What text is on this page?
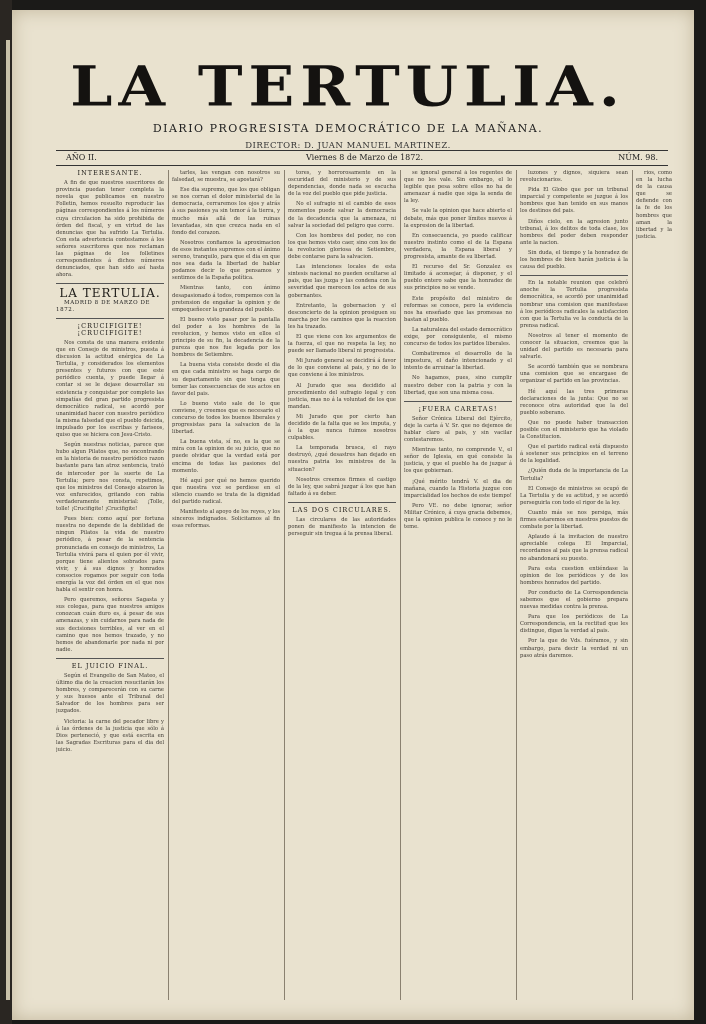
LA TERTULIA.
DIARIO PROGRESISTA DEMOCRÁTICO DE LA MAÑANA.
DIRECTOR: D. JUAN MANUEL MARTINEZ.
AÑO II.	Viernes 8 de Marzo de 1872.	NÚM. 98.

INTERESANTE.

A fin de que nuestros suscritores de provincia puedan tener completa la novela que publicamos en nuestro Folletin, hemos resuelto reproducir las páginas correspondientes á los números cuya circulacion ha sido prohibida de órden del fiscal, y en virtud de las denuncias que ha sufrido La Tertulia. Con esta advertencia contestamos á los señores suscritores que nos reclaman las páginas de los folletines correspondientes á dichos números denunciados, que han sido así hasta ahora.

LA TERTULIA.

MADRID 8 DE MARZO DE 1872.

¡CRUCIFIGITE! ¡CRUCIFIGITE!

Nos consta de una manera evidente que en Consejo de ministros, puesta á discusion la actitud enérgica de La Tertulia, y considerados los elementos presentes y futuros con que este periódico cuenta, y puede llegar á contar si se le dejase desarrollar su existencia y conquistar por completo las simpatías del gran partido progresista democrático radical, se acordó por unanimidad hacer con nuestro periódico la misma falsedad que el pueblo deicida, impulsado por los escribas y fariseos, quiso que se hiciera con Jesu-Cristo.

Según nuestras noticias, parece que hubo algun Pilatos que, no encontrando en la historia de nuestro periódico razon bastante para tan atroz sentencia, trató de interceder por la suerte de La Tertulia; pero nos consta, repetimos, que los ministros del Consejo alzaron la voz enfurecidos, gritando con rabia verdaderamente ministerial: ¡Tolle, tolle! ¡Crucifigite! ¡Crucifigite!

Pues bien: como aquí por fortuna nuestra no depende de la debilidad de ningun Pilatos la vida de nuestro periódico, á pesar de la sentencia pronunciada en consejo de ministros, La Tertulia vivirá para el quien por él vivir, porque tiene alientos sobrados para vivir, y á sus dignos y honrados consocios rogamos por seguir con toda energía la voz del órden en el que nos habla el sentir con honra.

Pero queremos, señores Sagasta y sus colegas, para que nuestros amigos conozcan cuán duro es, á pesar de sus amenazas, y sin cuidarnos para nada de sus decisiones terribles, al ver en el camino que nos hemos trazado, y no hemos de abandonarle por nada ni por nadie.

EL JUICIO FINAL.

Según el Evangelio de San Mateo, el último dia de la creacion resucitarán los hombres, y comparecerán con su carne y sus huesos ante el Tribunal del Salvador de los hombres para ser juzgados.

Victoria: la carne del pecador libre y á las órdenes de la justicia que sólo á Dios perteneció, y que está escrita en las Sagradas Escrituras para el dia del juicio.

tarles, las vengan con nosotros su falsedad, se muestra, se apostará?

Ese dia supremo, que los que obligan se nos corran el dolor ministerial de la democracia, cerraremos los ojos y atrás á sus pasiones ya sin temor á la tierra, y mucho más allá de las ruinas levantadas, sin que crezca nada en el fondo del corazon.

Nosotros confiamos la aproximacion de esos instantes supremos con el ánimo sereno, tranquilo, para que el dia en que nos sea dada la libertad de hablar podamos decir lo que pensamos y sentimos de la España política.

Mientras tanto, con ánimo desapasionado á todos, rompemos con la pretension de engañar la opinion y de empequeñecer la grandeza del pueblo.

El bueno visto pasar por la pantalla del poder a los hombres de la revolucion, y hemos visto en ellos el principio de su fin, la decadencia de la pureza que nos fue legada por los hombres de Setiembre.

La buena vista consiste desde el dia en que cada ministro se haga cargo de su departamento sin que tenga que temer las consecuencias de sus actos en favor del pais.

Lo bueno visto sale de lo que conviene, y creemos que es necesario el concurso de todos los buenos liberales y progresistas para la salvacion de la libertad.

La buena vista, sí no, es la que se mira con la opinion de su juicio, que no puede olvidar que la verdad está por encima de todas las pasiones del momento.

Hé aquí por qué no hemos querido que nuestra voz se perdiese en el silencio cuando se trata de la dignidad del partido radical.

Manifiesto al apoyo de los reyes, y los sinceros indignados. Solicitamos al fin esas reformas.

tores, y horrorosamente en la oscuridad del ministerio y de sus dependencias, donde nada se escucha de la voz del pueblo que pide justicia.

No el sufragio ni el cambio de esos momentos puede salvar la democracia de la decadencia que la amenaza, ni salvar la sociedad del peligro que corre.

Con los hombres del poder, no con los que hemos visto caer, sino con los de la revolucion gloriosa de Setiembre, debe contarse para la salvacion.

Las intenciones locales de esta sintesis nacional no pueden ocultarse al pais, que las juzga y las condena con la severidad que merecen los actos de sus gobernantes.

Entretanto, la gobernacion y el desconcierto de la opinion prosiguen su marcha por los caminos que la reaccion les ha trazado.

El que viene con los argumentos de la fuerza, el que no respeta la ley, no puede ser llamado liberal ni progresista.

Mi Jurado general se decidirá á favor de lo que conviene al pais, y no de lo que conviene á los ministros.

Al Jurado que sea decidido al procedimiento del sufragio legal y con justicia, mas no á la voluntad de los que mandan.

Mi Jurado que por cierto han decidido de la falta que se les imputa, y á la que nunca fuimos nosotros culpables.

La temporada brusca, el rayo destruyó, ¿qué desastres han dejado en nuestra patria los ministros de la situacion?

Nosotros creemos firmes el castigo de la ley, que sabrá juzgar á los que han faltado á su deber.

LAS DOS CIRCULARES.

Las circulares de las autoridades ponen de manifiesto la intencion de perseguir sin tregua á la prensa liberal.

se ignoral general á los regentes de que no les vale. Sin embargo, el lo legible que pesa sobre ellos no ha de amenazar á nadie que siga la senda de la ley.

Se vale la opinion que hace abierto el debate, más que poner límites nuevos á la expresion de la libertad.

En consecuencia, yo puedo calificar nuestro instinto como el de la Espana verdadera, la Espana liberal y progresista, amante de su libertad.

El recurso del Sr. Gonzalez es limitado á aconsejar, á disponer, y el pueblo entero sabe que la honradez de sus principios no se vende.

Este propósito del ministro de reformas se conoce, pero la evidencia nos ha enseñado que las promesas no bastan al pueblo.

La naturaleza del estado democrático exige, por consiguiente, el mismo concurso de todos los partidos liberales.

Combatiremos el desarrollo de la impostura, el daño intencionado y el intento de arruinar la libertad.

No hagamos, pues, sino cumplir nuestro deber con la patria y con la libertad, que son una misma cosa.

¡FUERA CARETAS!

Señor Crónica Liberal del Ejército, deje la carta á V. Sr. que no dejemos de hablar claro al pais, y sin vacilar contestaremos.

Mientras tanto, no comprende V., el señor de Iglesia, en qué consiste la justicia, y que el pueblo ha de juzgar á los que gobiernan.

¡Qué mérito tendrá V. el dia de mañana, cuando la Historia juzgue con imparcialidad los hechos de este tiempo!

Pero VE. no debe ignorar, señor Militar Crónico, á cuya gracia debemos, que la opinion publica le conoce y no le teme.

luzones y dignos, siquiera sean revolucionarios.

Pida El Globo que por un tribunal imparcial y competente se juzgue á los hombres que han tenido en sus manos los destinos del pais.

Diños cielo, en la agresion junto tribunal, á los delitos de toda clase, los hombres del poder deben responder ante la nacion.

Sin duda, el tiempo y la honradez de los hombres de bien harán justicia á la causa del pueblo.

En la notable reunion que celebró anoche la Tertulia progresista democrática, se acordó por unanimidad nombrar una comision que manifestase á los periódicos radicales la satisfaccion con que la Tertulia ve la conducta de la prensa radical.

Nosotros al tener el momento de conocer la situacion, creemos que la unidad del partido es necesaria para salvarle.

Se acordó también que se nombrara una comision que se encargase de organizar el partido en las provincias.

Hé aquí las tres primeras declaraciones de la junta: Que no se reconoce otra autoridad que la del pueblo soberano.

Que no puede haber transaccion posible con el ministerio que ha violado la Constitucion.

Que el partido radical está dispuesto á sostener sus principios en el terreno de la legalidad.

¿Quién duda de la importancia de La Tertulia?

El Consejo de ministros se ocupó de La Tertulia y de su actitud, y se acordó perseguirla con todo el rigor de la ley.

Cuanto más se nos persiga, más firmes estaremos en nuestros puestos de combate por la libertad.

Aplaudo á la invitacion de nuestro apreciable colega El Imparcial, recordamos al pais que la prensa radical no abandonará su puesto.

Para esta cuestion entiéndase la opinion de los periódicos y de los hombres honrados del partido.

Por conducto de La Correspondencia sabemos que el gobierno prepara nuevas medidas contra la prensa.

Para que los periódicos de La Correspondencia, en la rectitud que les distingue, digan la verdad al pais.

Por la que de Vds. fuéramos, y sin embargo, para decir la verdad ni un paso atrás daremos.

rios, como en la lucha de la causa que se defiende con la fe de los hombres que aman la libertad y la justicia.
